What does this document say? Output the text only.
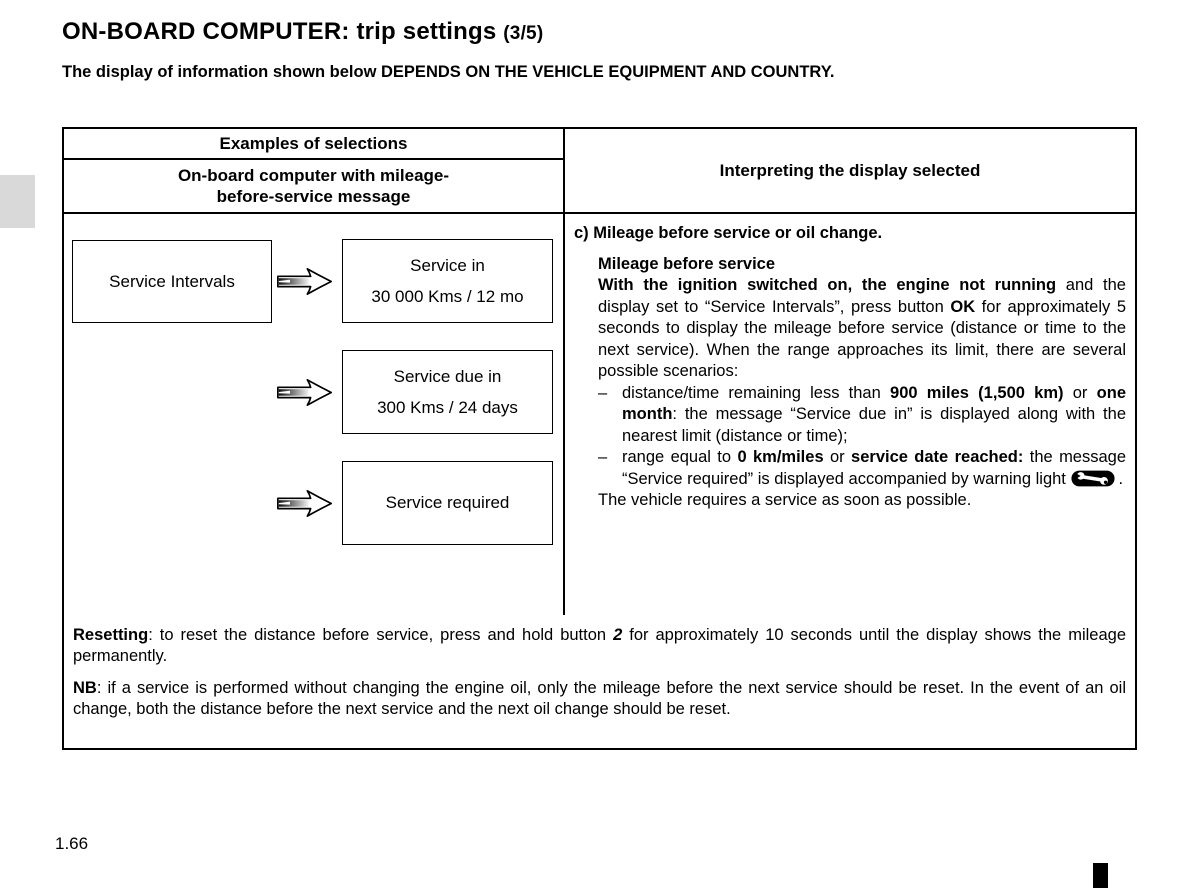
ON-BOARD COMPUTER: trip settings (3/5)
The display of information shown below DEPENDS ON THE VEHICLE EQUIPMENT AND COUNTRY.
Examples of selections
On-board computer with mileage-
before-service message
Interpreting the display selected
Service Intervals
Service in
30 000 Kms / 12 mo
Service due in
300 Kms / 24 days
Service required
c) Mileage before service or oil change.
Mileage before service
With the ignition switched on, the engine not running and the display set to “Service Intervals”, press button OK for approximately 5 seconds to display the mileage before service (distance or time to the next service). When the range approaches its limit, there are several possible scenarios:
– distance/time remaining less than 900 miles (1,500 km) or one month: the message “Service due in” is displayed along with the nearest limit (distance or time);
– range equal to 0 km/miles or service date reached: the message “Service required” is displayed accompanied by warning light	.
The vehicle requires a service as soon as possible.

Resetting: to reset the distance before service, press and hold button 2 for approximately 10 seconds until the display shows the mileage permanently.

NB: if a service is performed without changing the engine oil, only the mileage before the next service should be reset. In the event of an oil change, both the distance before the next service and the next oil change should be reset.

1.66
